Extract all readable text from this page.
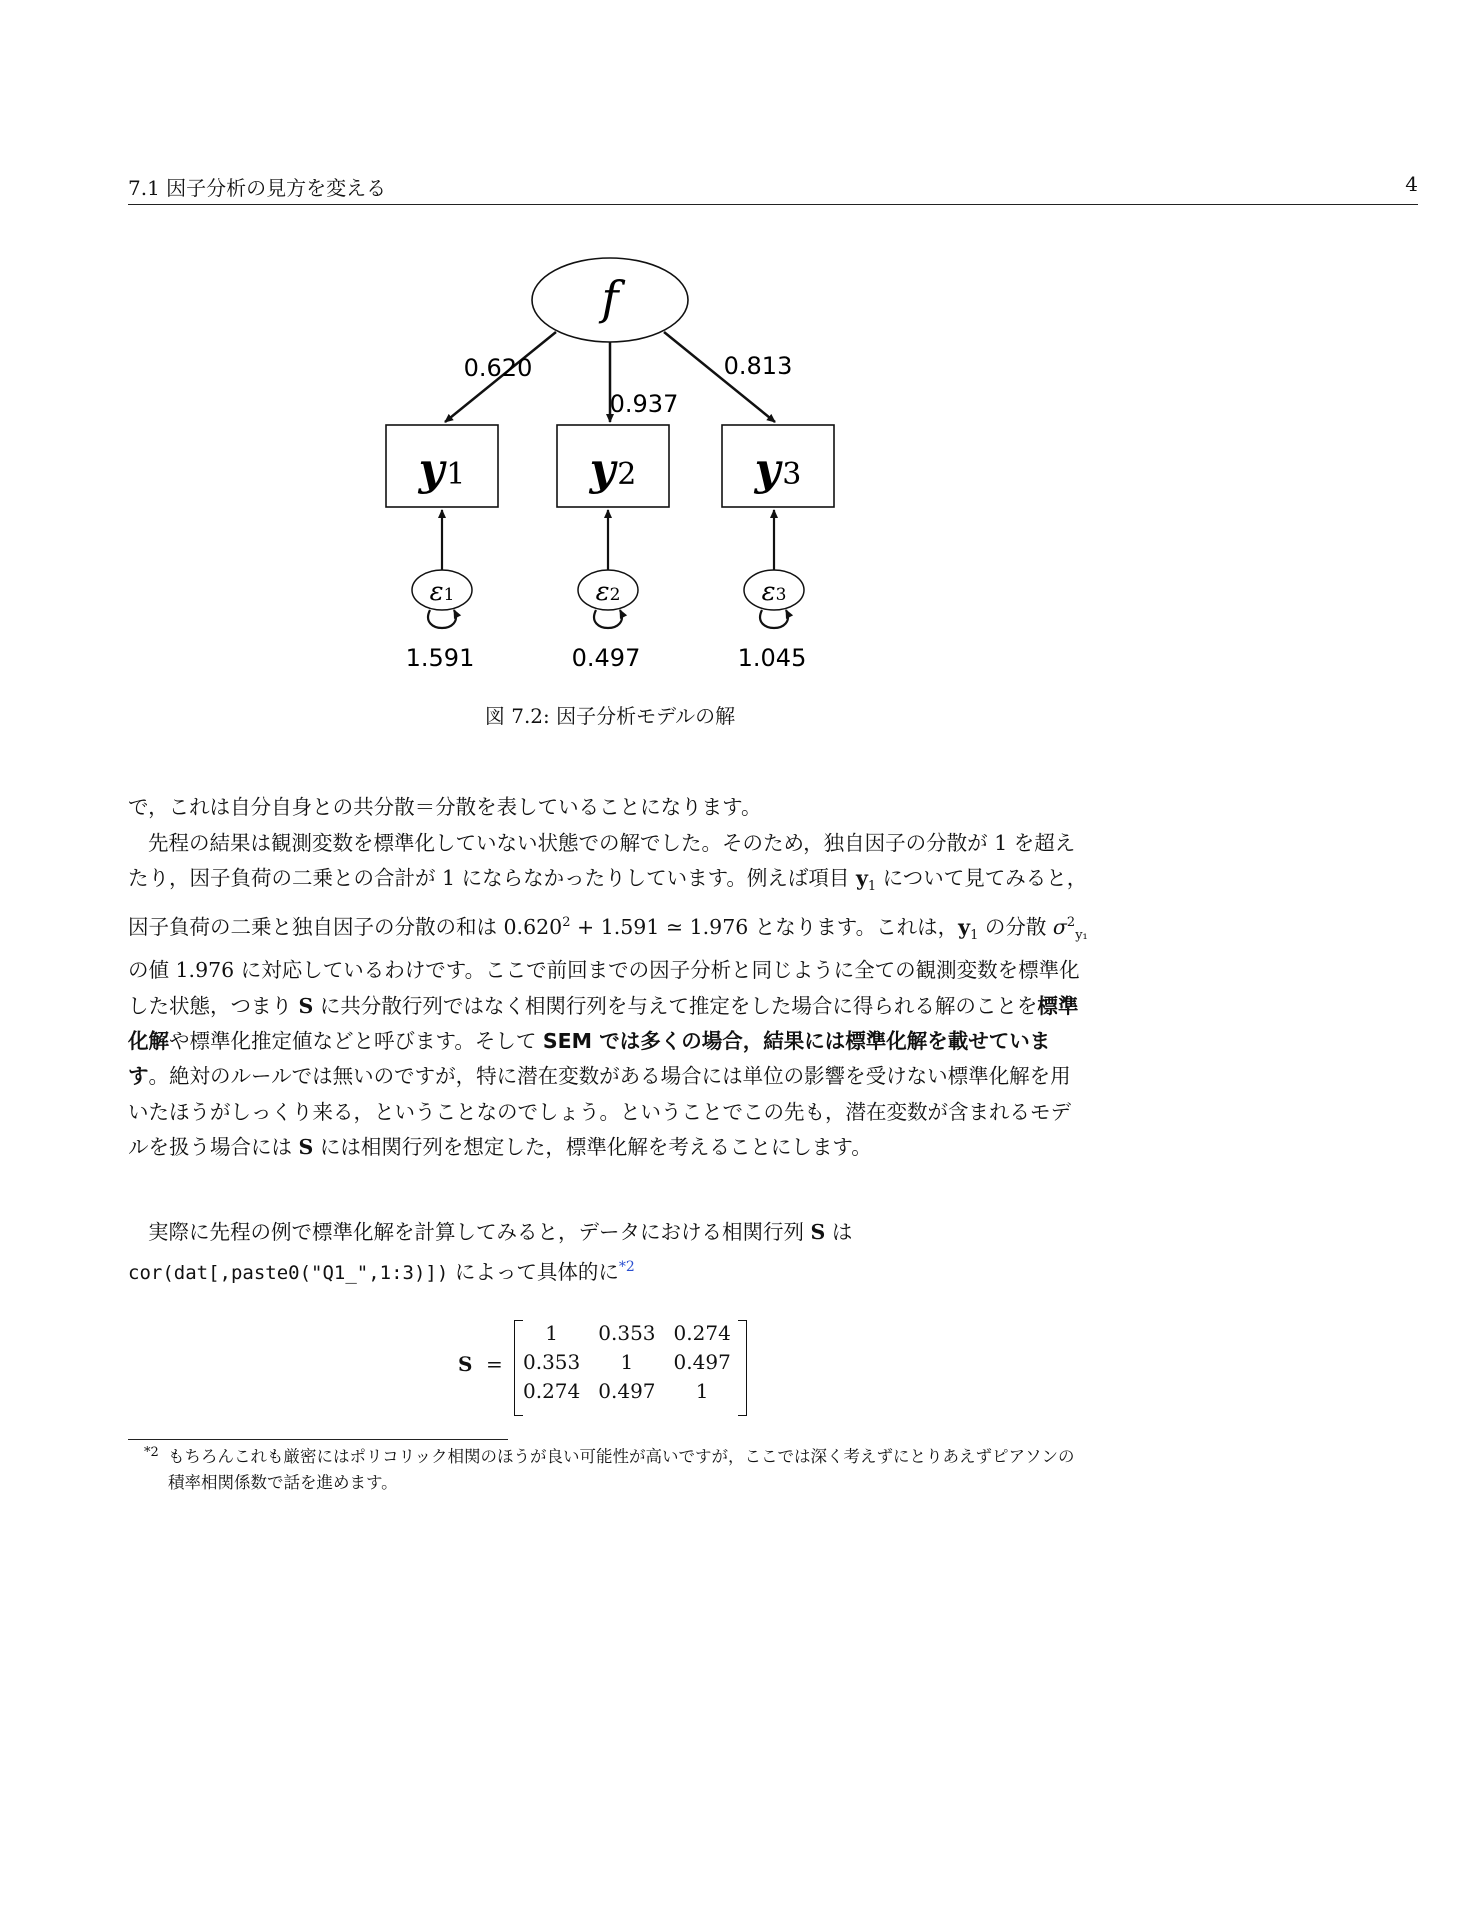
7.1 因子分析の見方を変える	4
f
0.620
0.937
0.813
y1	y2	y3
ε1	ε2	ε3
1.591	0.497	1.045
図 7.2: 因子分析モデルの解

で，これは自分自身との共分散＝分散を表していることになります。

先程の結果は観測変数を標準化していない状態での解でした。そのため，独自因子の分散が 1 を超えたり，因子負荷の二乗との合計が 1 にならなかったりしています。例えば項目 $y_1$ について見てみると，因子負荷の二乗と独自因子の分散の和は $0.620^2 + 1.591$ ≃ 1.976 となります。これは，$y_1$ の分散 $\sigma^2_{y_1}$ の値 1.976 に対応しているわけです。ここで前回までの因子分析と同じように全ての観測変数を標準化した状態，つまり S に共分散行列ではなく相関行列を与えて推定をした場合に得られる解のことを標準化解や標準化推定値などと呼びます。そして SEM では多くの場合，結果には標準化解を載せています。絶対のルールでは無いのですが，特に潜在変数がある場合には単位の影響を受けない標準化解を用いたほうがしっくり来る，ということなのでしょう。ということでこの先も，潜在変数が含まれるモデルを扱う場合には S には相関行列を想定した，標準化解を考えることにします。

実際に先程の例で標準化解を計算してみると，データにおける相関行列 S は cor(dat[,paste0("Q1_",1:3)]) によって具体的に$^{*2}$

S =
1	0.353	0.274
0.353	1	0.497
0.274	0.497	1
*2 もちろんこれも厳密にはポリコリック相関のほうが良い可能性が高いですが，ここでは深く考えずにとりあえずピアソンの積率相関係数で話を進めます。
